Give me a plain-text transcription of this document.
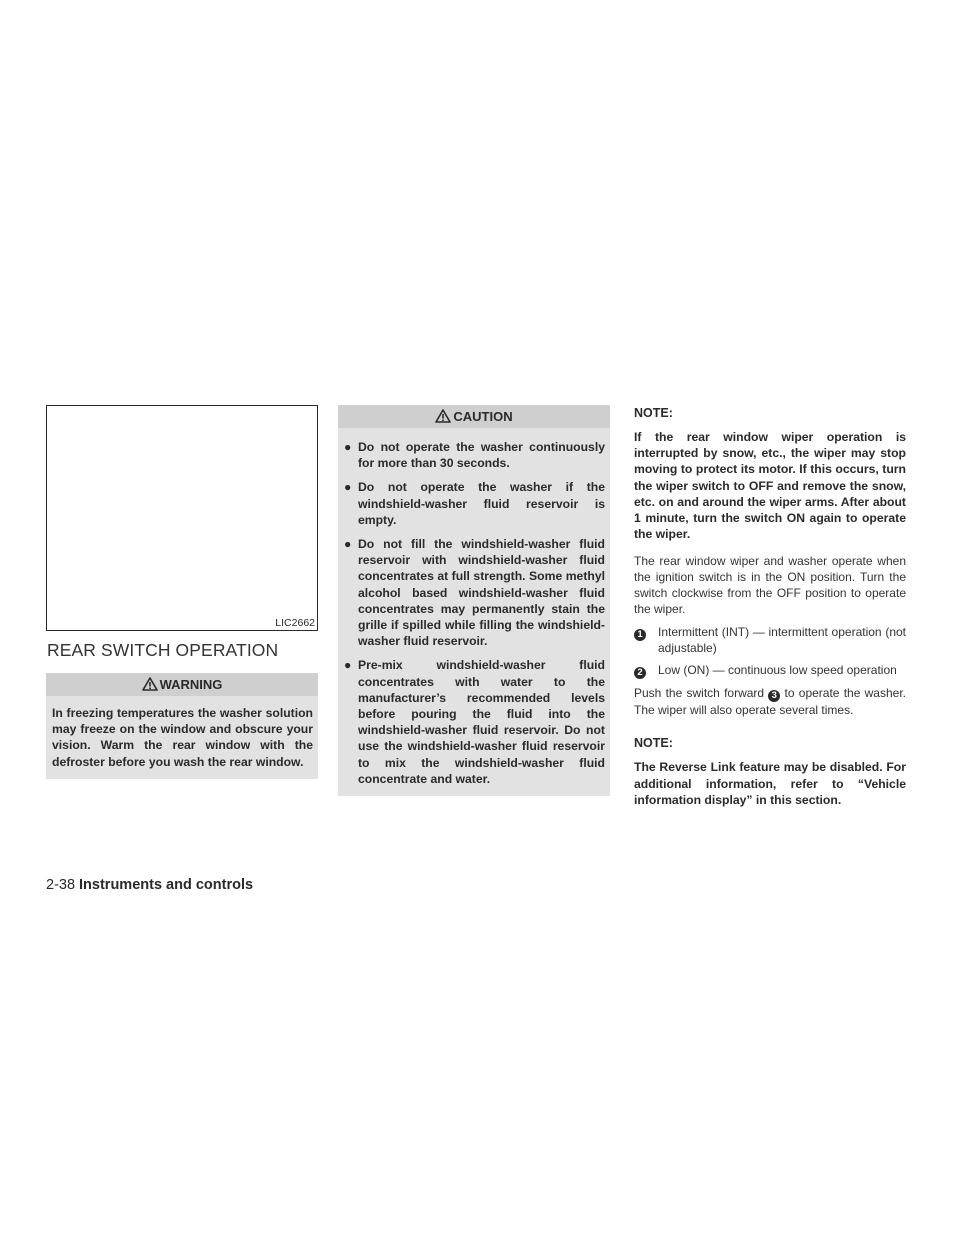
LIC2662
REAR SWITCH OPERATION
WARNING
In freezing temperatures the washer solution may freeze on the window and obscure your vision. Warm the rear window with the defroster before you wash the rear window.
CAUTION
● Do not operate the washer continuously for more than 30 seconds.
● Do not operate the washer if the windshield-washer fluid reservoir is empty.
● Do not fill the windshield-washer fluid reservoir with windshield-washer fluid concentrates at full strength. Some methyl alcohol based windshield-washer fluid concentrates may permanently stain the grille if spilled while filling the windshield-washer fluid reservoir.
● Pre-mix windshield-washer fluid concentrates with water to the manufacturer’s recommended levels before pouring the fluid into the windshield-washer fluid reservoir. Do not use the windshield-washer fluid reservoir to mix the windshield-washer fluid concentrate and water.
NOTE:
If the rear window wiper operation is interrupted by snow, etc., the wiper may stop moving to protect its motor. If this occurs, turn the wiper switch to OFF and remove the snow, etc. on and around the wiper arms. After about 1 minute, turn the switch ON again to operate the wiper.
The rear window wiper and washer operate when the ignition switch is in the ON position. Turn the switch clockwise from the OFF position to operate the wiper.
1	Intermittent (INT) — intermittent operation (not adjustable)
2	Low (ON) — continuous low speed operation
Push the switch forward 3 to operate the washer. The wiper will also operate several times.
NOTE:
The Reverse Link feature may be disabled. For additional information, refer to “Vehicle information display” in this section.
2-38 Instruments and controls
